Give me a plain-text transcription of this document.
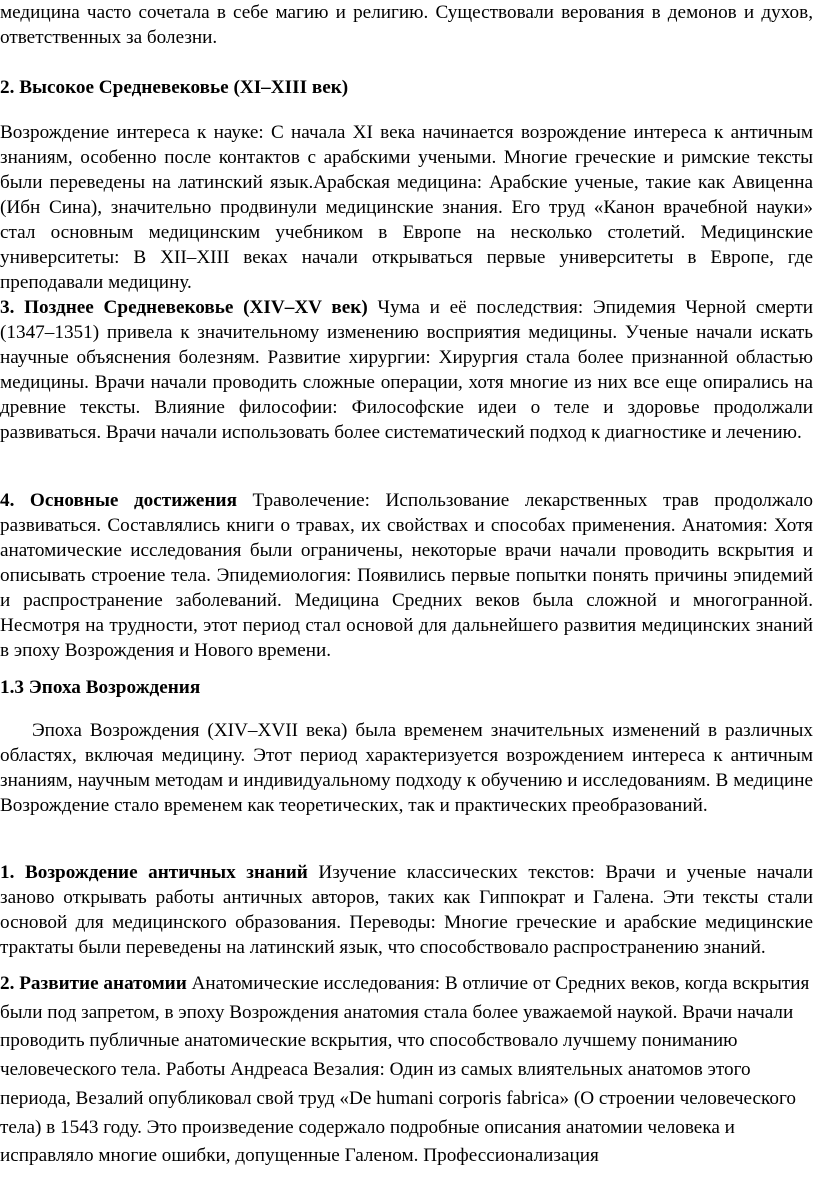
медицина часто сочетала в себе магию и религию. Существовали верования в демонов и духов, ответственных за болезни.

2. Высокое Средневековье (XI–XIII век)

Возрождение интереса к науке: С начала XI века начинается возрождение интереса к античным знаниям, особенно после контактов с арабскими учеными. Многие греческие и римские тексты были переведены на латинский язык.Арабская медицина: Арабские ученые, такие как Авиценна (Ибн Сина), значительно продвинули медицинские знания. Его труд «Канон врачебной науки» стал основным медицинским учебником в Европе на несколько столетий. Медицинские университеты: В XII–XIII веках начали открываться первые университеты в Европе, где преподавали медицину.

3. Позднее Средневековье (XIV–XV век) Чума и её последствия: Эпидемия Черной смерти (1347–1351) привела к значительному изменению восприятия медицины. Ученые начали искать научные объяснения болезням. Развитие хирургии: Хирургия стала более признанной областью медицины. Врачи начали проводить сложные операции, хотя многие из них все еще опирались на древние тексты. Влияние философии: Философские идеи о теле и здоровье продолжали развиваться. Врачи начали использовать более систематический подход к диагностике и лечению.

4. Основные достижения Траволечение: Использование лекарственных трав продолжало развиваться. Составлялись книги о травах, их свойствах и способах применения. Анатомия: Хотя анатомические исследования были ограничены, некоторые врачи начали проводить вскрытия и описывать строение тела. Эпидемиология: Появились первые попытки понять причины эпидемий и распространение заболеваний. Медицина Средних веков была сложной и многогранной. Несмотря на трудности, этот период стал основой для дальнейшего развития медицинских знаний в эпоху Возрождения и Нового времени.

1.3 Эпоха Возрождения

Эпоха Возрождения (XIV–XVII века) была временем значительных изменений в различных областях, включая медицину. Этот период характеризуется возрождением интереса к античным знаниям, научным методам и индивидуальному подходу к обучению и исследованиям. В медицине Возрождение стало временем как теоретических, так и практических преобразований.

1. Возрождение античных знаний Изучение классических текстов: Врачи и ученые начали заново открывать работы античных авторов, таких как Гиппократ и Галена. Эти тексты стали основой для медицинского образования. Переводы: Многие греческие и арабские медицинские трактаты были переведены на латинский язык, что способствовало распространению знаний.

2. Развитие анатомии Анатомические исследования: В отличие от Средних веков, когда вскрытия были под запретом, в эпоху Возрождения анатомия стала более уважаемой наукой. Врачи начали проводить публичные анатомические вскрытия, что способствовало лучшему пониманию человеческого тела. Работы Андреаса Везалия: Один из самых влиятельных анатомов этого периода, Везалий опубликовал свой труд «De humani corporis fabrica» (О строении человеческого тела) в 1543 году. Это произведение содержало подробные описания анатомии человека и исправляло многие ошибки, допущенные Галеном. Профессионализация
